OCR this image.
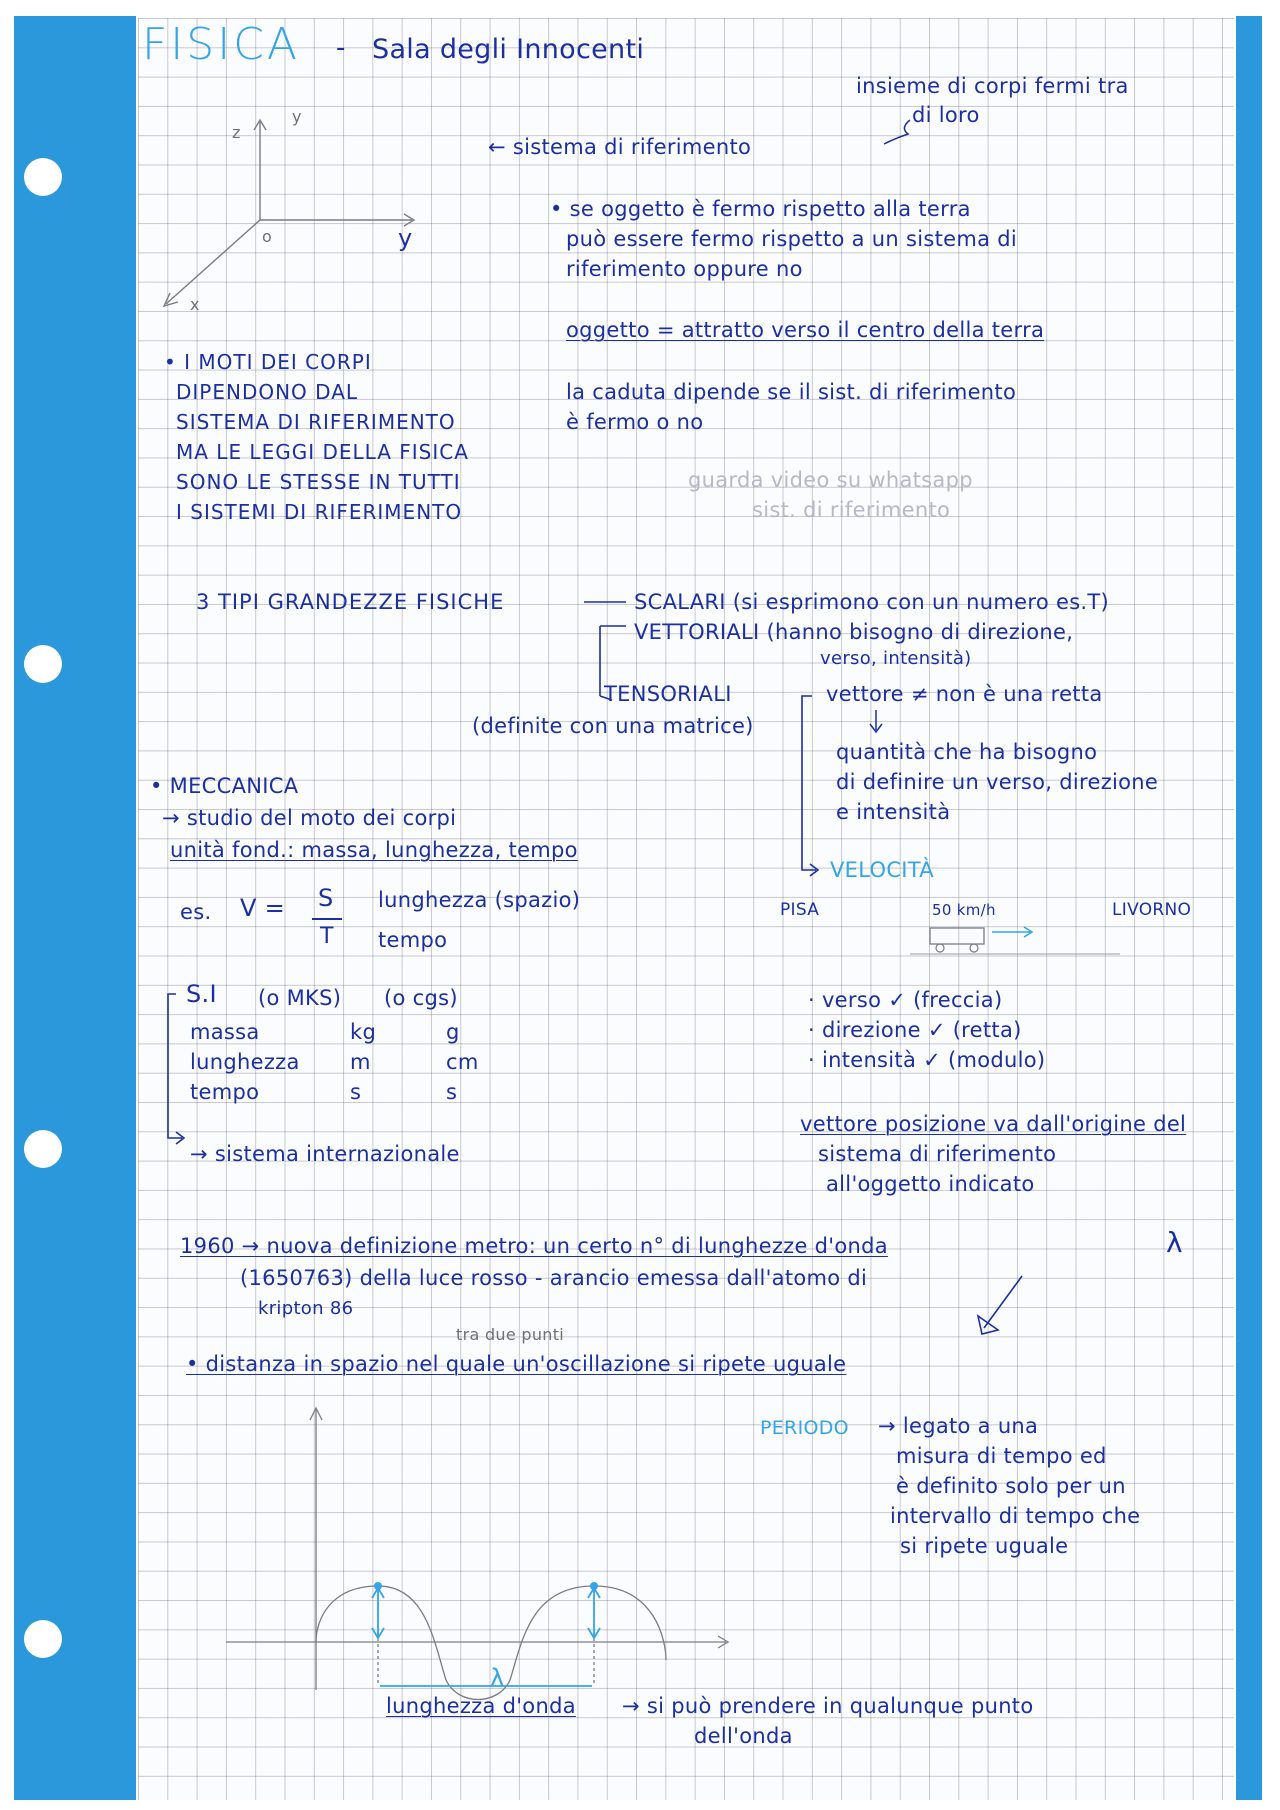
FISICA - Sala degli Innocenti

z

y

o	y

x

← sistema di riferimento

insieme di corpi fermi tra

di loro

• se oggetto è fermo rispetto alla terra

può essere fermo rispetto a un sistema di

riferimento oppure no

oggetto = attratto verso il centro della terra

la caduta dipende se il sist. di riferimento

è fermo o no

guarda video su whatsapp

sist. di riferimento

• I MOTI DEI CORPI

DIPENDONO DAL

SISTEMA DI RIFERIMENTO

MA LE LEGGI DELLA FISICA

SONO LE STESSE IN TUTTI

I SISTEMI DI RIFERIMENTO

3 TIPI GRANDEZZE FISICHE	SCALARI (si esprimono con un numero es.T)

VETTORIALI (hanno bisogno di direzione,

verso, intensità)

TENSORIALI

(definite con una matrice)

vettore ≠ non è una retta

quantità che ha bisogno

di definire un verso, direzione

e intensità

VELOCITÀ

PISA	50 km/h	LIVORNO

• MECCANICA

→ studio del moto dei corpi

unità fond.: massa, lunghezza, tempo

es. V = S

T

lunghezza (spazio)

tempo

S.I (o MKS) (o cgs)

massa	kg	g

lunghezza m	cm

tempo	s	s

→ sistema internazionale

· verso ✓ (freccia)

· direzione ✓ (retta)

· intensità ✓ (modulo)

vettore posizione va dall'origine del

sistema di riferimento

all'oggetto indicato

1960 → nuova definizione metro: un certo n° di lunghezze d'onda	λ

(1650763) della luce rosso - arancio emessa dall'atomo di

kripton 86

tra due punti

• distanza in spazio nel quale un'oscillazione si ripete uguale

PERIODO → legato a una

misura di tempo ed

è definito solo per un

intervallo di tempo che

si ripete uguale

λ

lunghezza d'onda → si può prendere in qualunque punto

dell'onda
